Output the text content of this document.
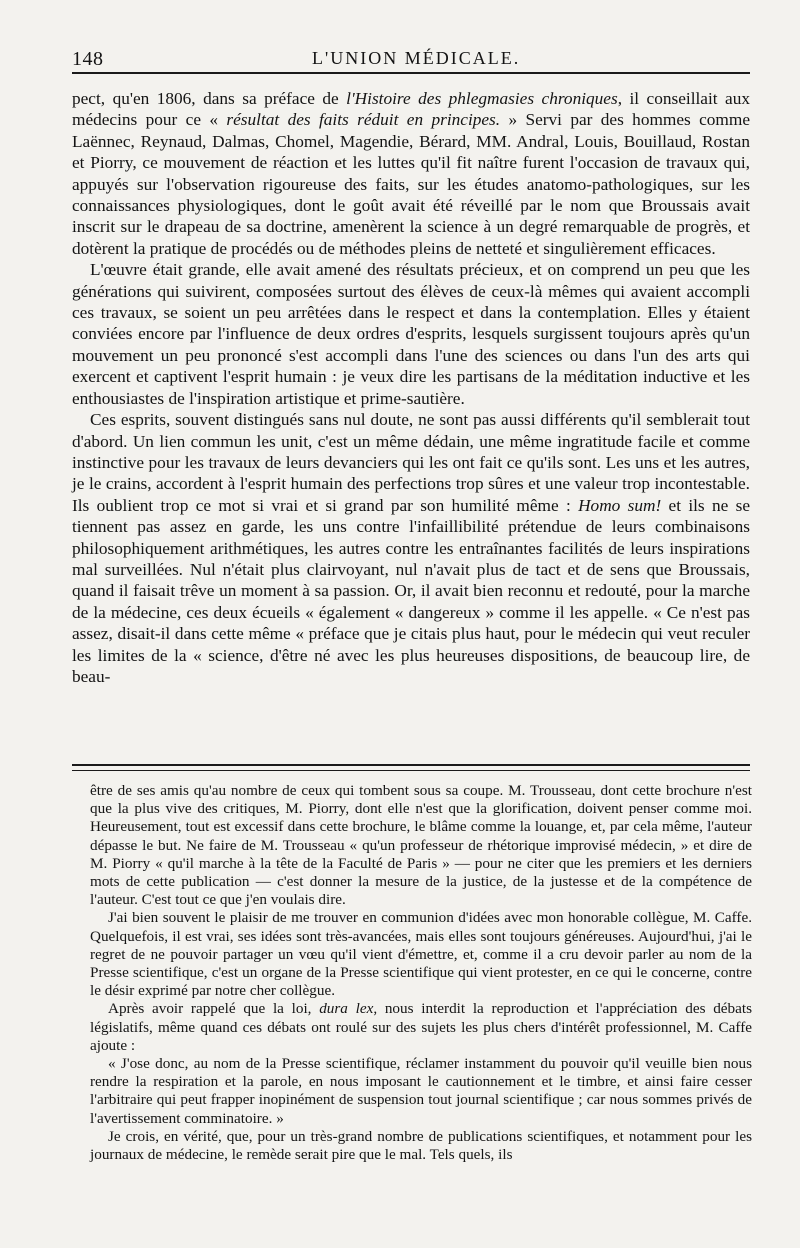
148	L'UNION MÉDICALE.

pect, qu'en 1806, dans sa préface de l'Histoire des phlegmasies chroniques, il conseillait aux médecins pour ce « résultat des faits réduit en principes. » Servi par des hommes comme Laënnec, Reynaud, Dalmas, Chomel, Magendie, Bérard, MM. Andral, Louis, Bouillaud, Rostan et Piorry, ce mouvement de réaction et les luttes qu'il fit naître furent l'occasion de travaux qui, appuyés sur l'observation rigoureuse des faits, sur les études anatomo-pathologiques, sur les connaissances physiologiques, dont le goût avait été réveillé par le nom que Broussais avait inscrit sur le drapeau de sa doctrine, amenèrent la science à un degré remarquable de progrès, et dotèrent la pratique de procédés ou de méthodes pleins de netteté et singulièrement efficaces.

L'œuvre était grande, elle avait amené des résultats précieux, et on comprend un peu que les générations qui suivirent, composées surtout des élèves de ceux-là mêmes qui avaient accompli ces travaux, se soient un peu arrêtées dans le respect et dans la contemplation. Elles y étaient conviées encore par l'influence de deux ordres d'esprits, lesquels surgissent toujours après qu'un mouvement un peu prononcé s'est accompli dans l'une des sciences ou dans l'un des arts qui exercent et captivent l'esprit humain : je veux dire les partisans de la méditation inductive et les enthousiastes de l'inspiration artistique et prime-sautière.

Ces esprits, souvent distingués sans nul doute, ne sont pas aussi différents qu'il semblerait tout d'abord. Un lien commun les unit, c'est un même dédain, une même ingratitude facile et comme instinctive pour les travaux de leurs devanciers qui les ont fait ce qu'ils sont. Les uns et les autres, je le crains, accordent à l'esprit humain des perfections trop sûres et une valeur trop incontestable. Ils oublient trop ce mot si vrai et si grand par son humilité même : Homo sum! et ils ne se tiennent pas assez en garde, les uns contre l'infaillibilité prétendue de leurs combinaisons philosophiquement arithmétiques, les autres contre les entraînantes facilités de leurs inspirations mal surveillées. Nul n'était plus clairvoyant, nul n'avait plus de tact et de sens que Broussais, quand il faisait trêve un moment à sa passion. Or, il avait bien reconnu et redouté, pour la marche de la médecine, ces deux écueils « également « dangereux » comme il les appelle. « Ce n'est pas assez, disait-il dans cette même « préface que je citais plus haut, pour le médecin qui veut reculer les limites de la « science, d'être né avec les plus heureuses dispositions, de beaucoup lire, de beau-

être de ses amis qu'au nombre de ceux qui tombent sous sa coupe. M. Trousseau, dont cette brochure n'est que la plus vive des critiques, M. Piorry, dont elle n'est que la glorification, doivent penser comme moi. Heureusement, tout est excessif dans cette brochure, le blâme comme la louange, et, par cela même, l'auteur dépasse le but. Ne faire de M. Trousseau « qu'un professeur de rhétorique improvisé médecin, » et dire de M. Piorry « qu'il marche à la tête de la Faculté de Paris » — pour ne citer que les premiers et les derniers mots de cette publication — c'est donner la mesure de la justice, de la justesse et de la compétence de l'auteur. C'est tout ce que j'en voulais dire.

J'ai bien souvent le plaisir de me trouver en communion d'idées avec mon honorable collègue, M. Caffe. Quelquefois, il est vrai, ses idées sont très-avancées, mais elles sont toujours généreuses. Aujourd'hui, j'ai le regret de ne pouvoir partager un vœu qu'il vient d'émettre, et, comme il a cru devoir parler au nom de la Presse scientifique, c'est un organe de la Presse scientifique qui vient protester, en ce qui le concerne, contre le désir exprimé par notre cher collègue.

Après avoir rappelé que la loi, dura lex, nous interdit la reproduction et l'appréciation des débats législatifs, même quand ces débats ont roulé sur des sujets les plus chers d'intérêt professionnel, M. Caffe ajoute :

« J'ose donc, au nom de la Presse scientifique, réclamer instamment du pouvoir qu'il veuille bien nous rendre la respiration et la parole, en nous imposant le cautionnement et le timbre, et ainsi faire cesser l'arbitraire qui peut frapper inopinément de suspension tout journal scientifique ; car nous sommes privés de l'avertissement comminatoire. »

Je crois, en vérité, que, pour un très-grand nombre de publications scientifiques, et notamment pour les journaux de médecine, le remède serait pire que le mal. Tels quels, ils
